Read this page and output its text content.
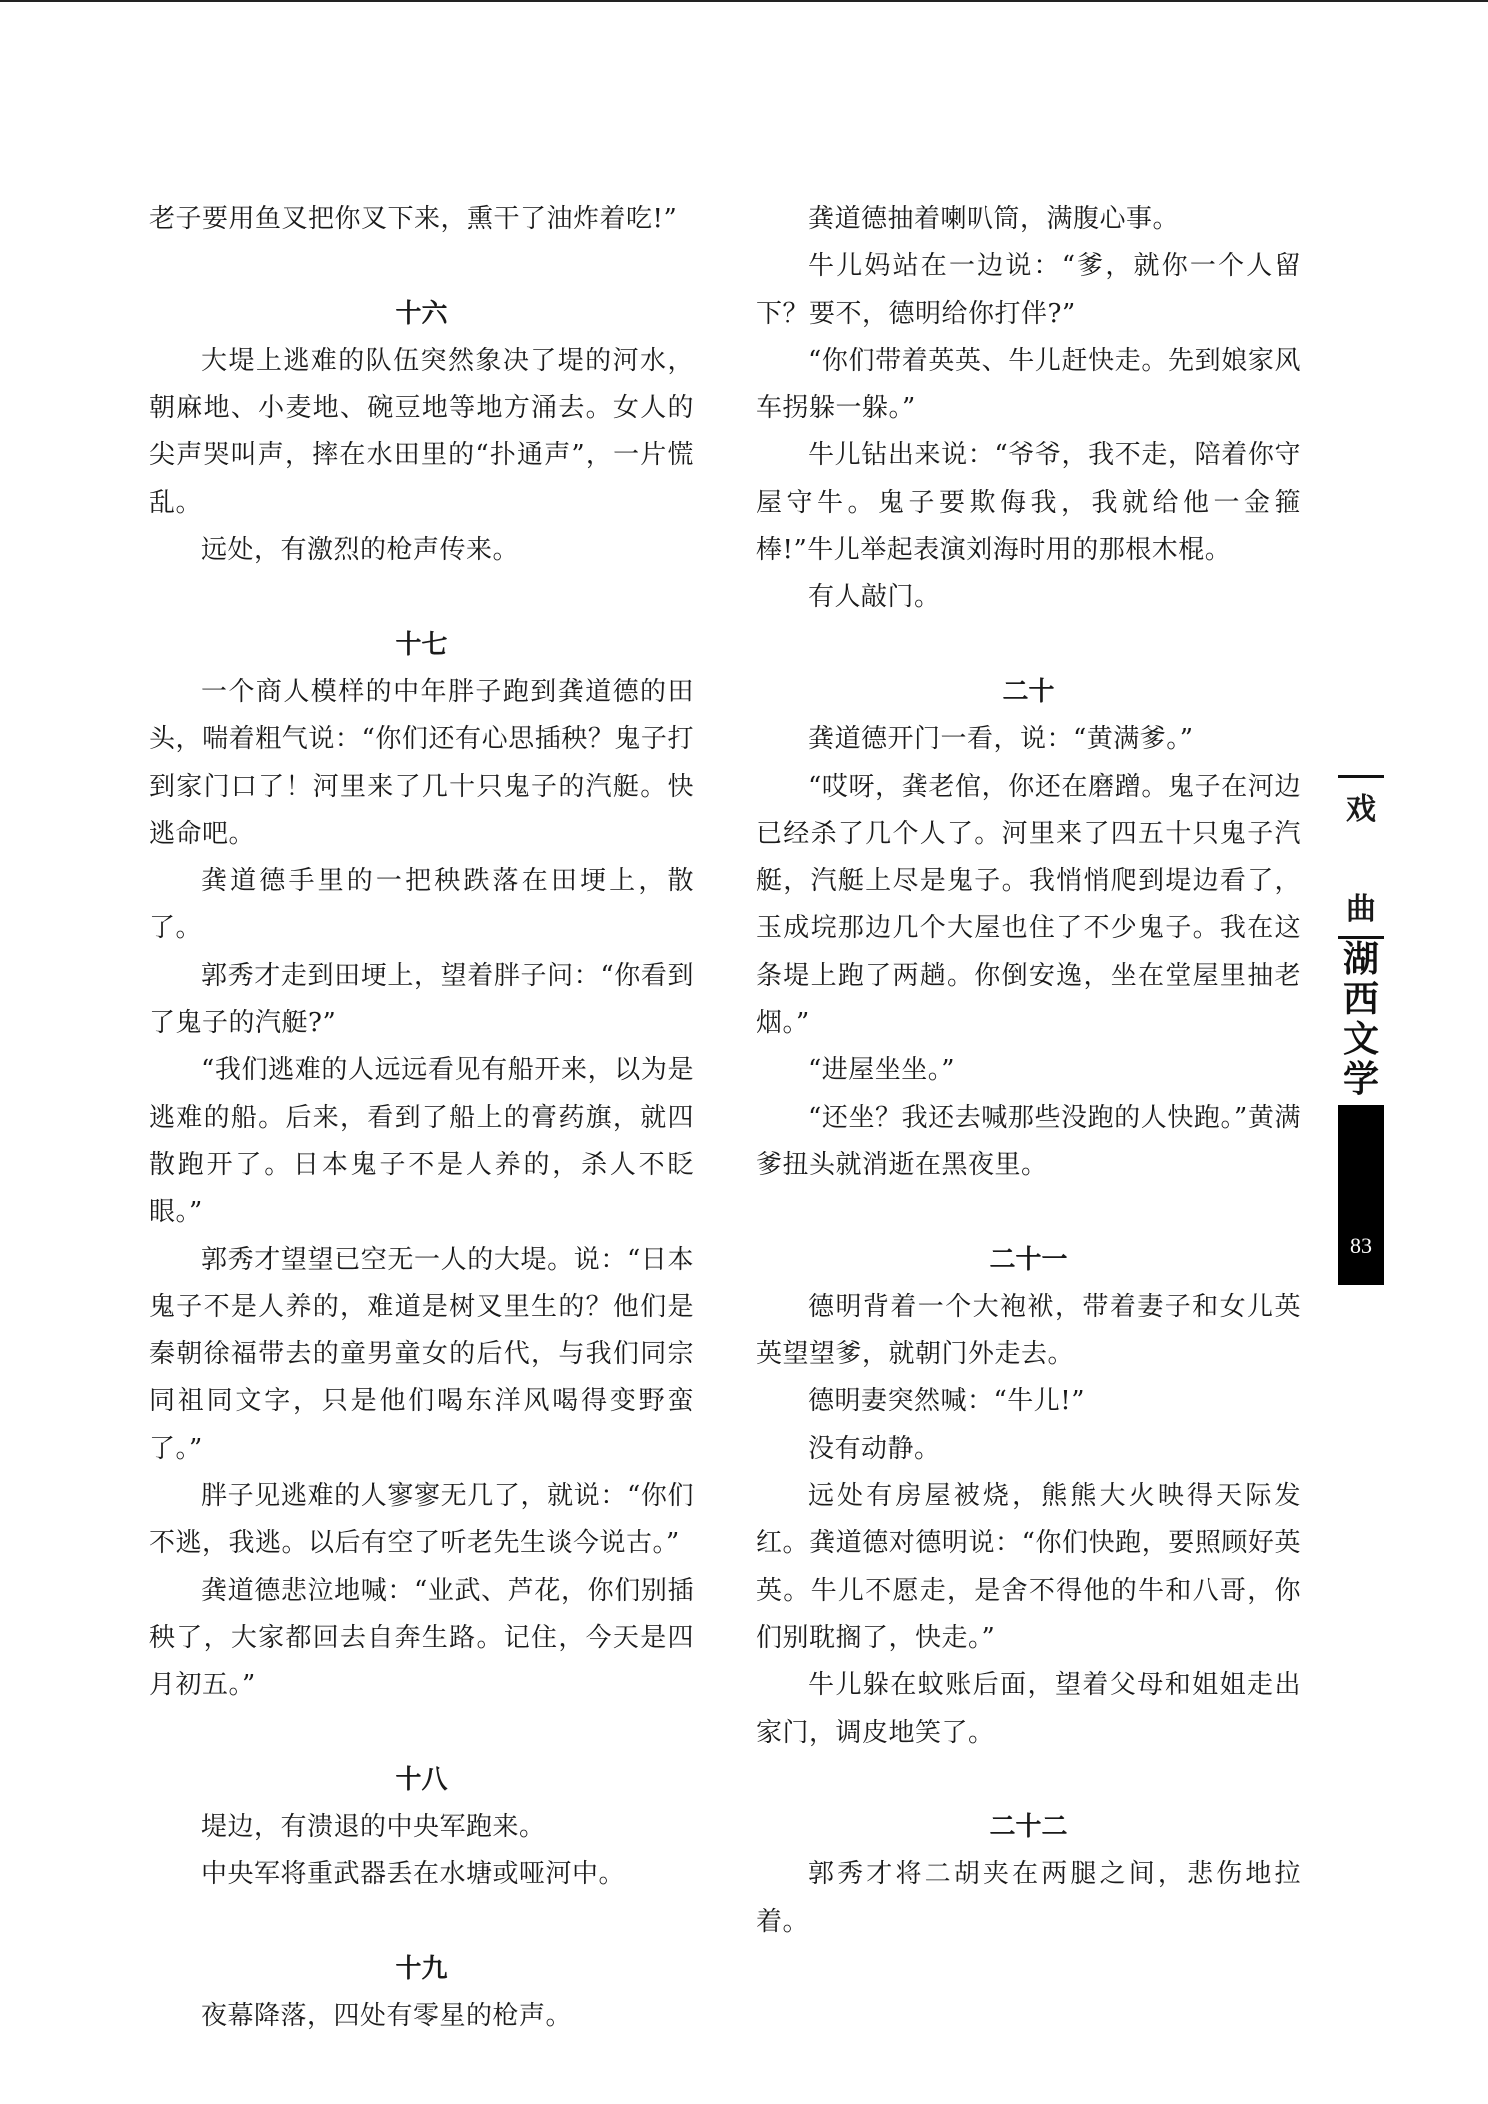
老子要用鱼叉把你叉下来，熏干了油炸着吃!”

十六

大堤上逃难的队伍突然象决了堤的河水，朝麻地、小麦地、碗豆地等地方涌去。女人的尖声哭叫声，摔在水田里的“扑通声”，一片慌乱。

远处，有激烈的枪声传来。

十七

一个商人模样的中年胖子跑到龚道德的田头，喘着粗气说：“你们还有心思插秧？鬼子打到家门口了！河里来了几十只鬼子的汽艇。快逃命吧。

龚道德手里的一把秧跌落在田埂上，散了。

郭秀才走到田埂上，望着胖子问：“你看到了鬼子的汽艇?”

“我们逃难的人远远看见有船开来，以为是逃难的船。后来，看到了船上的膏药旗，就四散跑开了。日本鬼子不是人养的，杀人不眨眼。”

郭秀才望望已空无一人的大堤。说：“日本鬼子不是人养的，难道是树叉里生的？他们是秦朝徐福带去的童男童女的后代，与我们同宗同祖同文字，只是他们喝东洋风喝得变野蛮了。”

胖子见逃难的人寥寥无几了，就说：“你们不逃，我逃。以后有空了听老先生谈今说古。”

龚道德悲泣地喊：“业武、芦花，你们别插秧了，大家都回去自奔生路。记住，今天是四月初五。”

十八

堤边，有溃退的中央军跑来。

中央军将重武器丢在水塘或哑河中。

十九

夜幕降落，四处有零星的枪声。

龚道德抽着喇叭筒，满腹心事。

牛儿妈站在一边说：“爹，就你一个人留下？要不，德明给你打伴?”

“你们带着英英、牛儿赶快走。先到娘家风车拐躲一躲。”

牛儿钻出来说：“爷爷，我不走，陪着你守屋守牛。鬼子要欺侮我，我就给他一金箍棒!”牛儿举起表演刘海时用的那根木棍。

有人敲门。

二十

龚道德开门一看，说：“黄满爹。”

“哎呀，龚老倌，你还在磨蹭。鬼子在河边已经杀了几个人了。河里来了四五十只鬼子汽艇，汽艇上尽是鬼子。我悄悄爬到堤边看了，玉成垸那边几个大屋也住了不少鬼子。我在这条堤上跑了两趟。你倒安逸，坐在堂屋里抽老烟。”

“进屋坐坐。”

“还坐？我还去喊那些没跑的人快跑。”黄满爹扭头就消逝在黑夜里。

二十一

德明背着一个大袍袱，带着妻子和女儿英英望望爹，就朝门外走去。

德明妻突然喊：“牛儿!”

没有动静。

远处有房屋被烧，熊熊大火映得天际发红。龚道德对德明说：“你们快跑，要照顾好英英。牛儿不愿走，是舍不得他的牛和八哥，你们别耽搁了，快走。”

牛儿躲在蚊账后面，望着父母和姐姐走出家门，调皮地笑了。

二十二

郭秀才将二胡夹在两腿之间，悲伤地拉着。

戏
曲
湖
西
文
学
83
